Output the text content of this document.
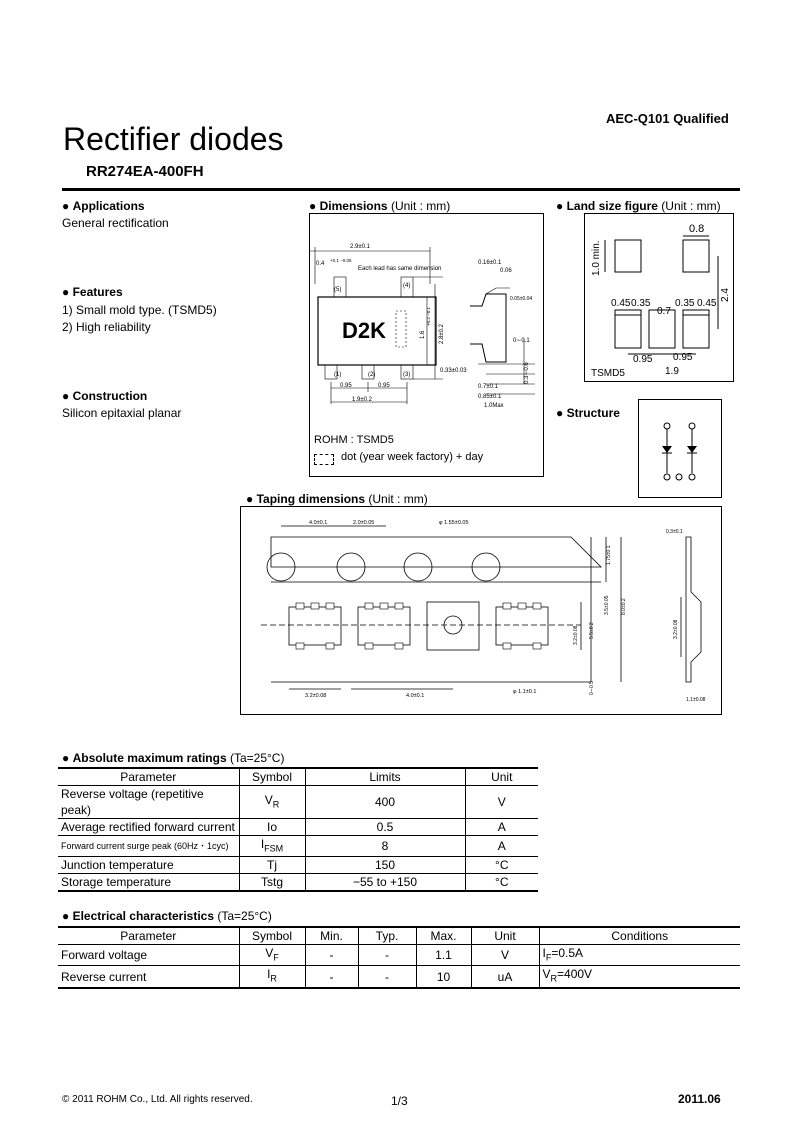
AEC-Q101 Qualified
Rectifier diodes
RR274EA-400FH
● Applications
General rectification
● Features
1) Small mold type. (TSMD5)
2) High reliability
● Construction
Silicon epitaxial planar
● Dimensions (Unit : mm)
2.9±0.1
0.4
+0.1 −0.05
Each lead has same dimension
0.16±0.1
0.06
0.05±0.04
D2K	1.6
+0.2 −0.1
2.8±0.2
(5)
(4)
(1)	(2)	(3)
0.33±0.03
0.95	0.95
1.9±0.2
0∼0.1
0.3∼0.6
0.7±0.1
0.85±0.1
1.0Max
ROHM : TSMD5
dot (year week factory) + day
● Land size figure (Unit : mm)
0.8
1.0 min.
2.4
0.45 0.35
0.7
0.35 0.45
0.95 0.95
1.9
TSMD5
● Structure
● Taping dimensions (Unit : mm)
4.0±0.1	2.0±0.05	φ 1.55±0.05
1.75±0.1
3.5±0.05 8.0±0.2
3.2±0.08 5.5±0.2
0∼0.5
3.2±0.08	4.0±0.1
φ 1.1±0.1
0.3±0.1
3.2±0.08
1.1±0.08
● Absolute maximum ratings (Ta=25°C)
Parameter	Symbol	Limits	Unit
Reverse voltage (repetitive peak)	$V_R$	400	V
Average rectified forward current	Io	0.5	A
Forward current surge peak (60Hz・1cyc)	$I_{FSM}$	8	A
Junction temperature	Tj	150	°C
Storage temperature	Tstg	−55 to +150	°C
● Electrical characteristics (Ta=25°C)
Parameter	Symbol	Min.	Typ.	Max.	Unit	Conditions
Forward voltage	$V_F$	-	-	1.1	V	$I_F=0.5A$
Reverse current	$I_R$	-	-	10	uA	$V_R=400V$
© 2011 ROHM Co., Ltd. All rights reserved.	1/3	2011.06
